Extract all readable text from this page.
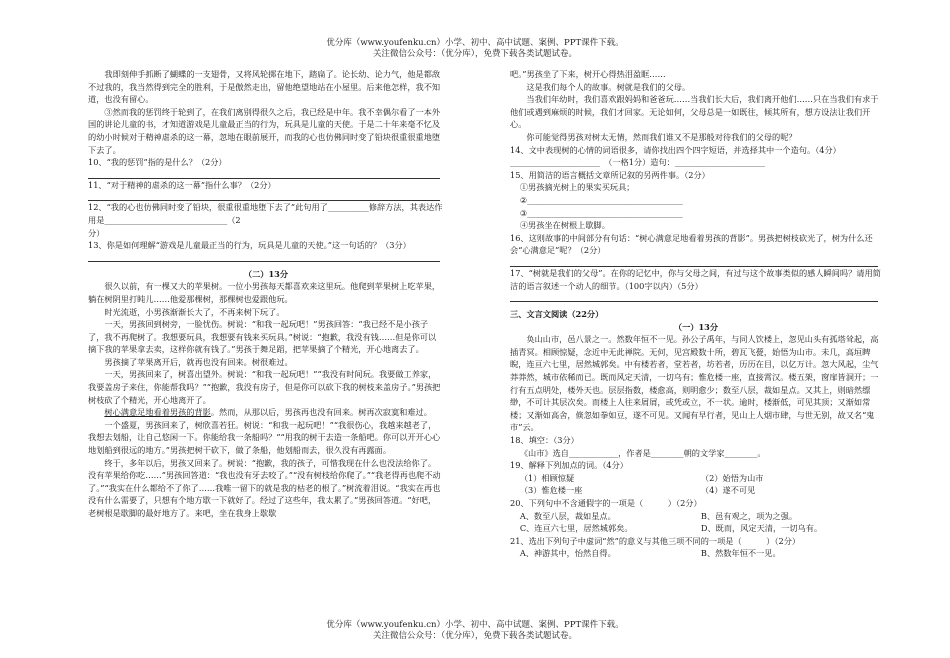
优分库（www.youfenku.cn）小学、初中、高中试题、案例、PPT课件下载。
关注微信公众号：（优分库），免费下载各类试题试卷。

我即刻伸手抓断了蝴蝶的一支翅骨，又将风轮掷在地下，踏扁了。论长幼、论力气，他是都敌不过我的，我当然得到完全的胜利，于是傲然走出，留他绝望地站在小屋里。后来他怎样，我不知道，也没有留心。

③然而我的惩罚终于轮到了，在我们离别得很久之后，我已经是中年。我不幸偶尔看了一本外国的讲论儿童的书，才知道游戏是儿童最正当的行为，玩具是儿童的天使。于是二十年来毫不忆及的幼小时候对于精神虐杀的这一幕，忽地在眼前展开，而我的心也仿佛同时变了铅块很重很重地堕下去了。

10、“我的惩罚”指的是什么？（2分）

11、“对于精神的虐杀的这一幕”指什么事？（2分）

12、“我的心也仿佛同时变了铅块，很重很重地堕下去了”此句用了__________修辞方法，其表达作用是______________________________（2

分）

13、你是如何理解“游戏是儿童最正当的行为，玩具是儿童的天使。”这一句话的？（3分）

（二）13分

很久以前，有一棵又大的苹果树。一位小男孩每天都喜欢来这里玩。他爬到苹果树上吃苹果，躺在树阴里打盹儿……他爱那棵树，那棵树也爱跟他玩。

时光流逝，小男孩渐渐长大了，不再来树下玩了。

一天，男孩回到树旁，一脸忧伤。树说：“和我一起玩吧！”男孩回答：“我已经不是小孩子了，我不再爬树了。我想要玩具，我想要有钱来买玩具。”树说：“抱歉，我没有钱……但是你可以摘下我的苹果拿去卖，这样你就有钱了。”男孩于舞足蹈，把苹果摘了个精光，开心地离去了。

男孩摘了苹果离开后，就再也没有回来。树很难过。

一天，男孩回来了，树喜出望外。树说：“和我一起玩吧！”“我没有时间玩。我要做工养家，我要盖房子来住，你能帮我吗？”“抱歉，我没有房子，但是你可以砍下我的树枝来盖房子。”男孩把树枝砍了个精光，开心地离开了。

树心满意足地看着男孩的背影。然而，从那以后，男孩再也没有回来。树再次寂寞和难过。

一个盛夏，男孩回来了，树欣喜若狂。树说：“和我一起玩吧！”“我很伤心，我越来越老了，我想去划船，让自己悠闲一下。你能给我一条船吗？”“用我的树干去造一条船吧。你可以开开心心地划船到很远的地方。”男孩把树干砍下，做了条船，他划船而去，很久没有再露面。

终于，多年以后，男孩又回来了。树说：“抱歉，我的孩子，可惜我现在什么也没法给你了。没有苹果给你吃……”男孩回答道：“我也没有牙去咬了。”“没有树枝给你爬了。”“我老得再也爬不动了。”“我实在什么都给不了你了……我唯一留下的就是我的枯老的根了。”树流着泪说。“我实在再也没有什么需要了，只想有个地方歇一下就好了。经过了这些年，我太累了。”男孩回答道。“好吧，老树根是歇脚的最好地方了。来吧，坐在我身上歇歇

吧。”男孩坐了下来，树开心得热泪盈眶……

这是我们每个人的故事。树就是我们的父母。

当我们年幼时，我们喜欢跟妈妈和爸爸玩……当我们长大后，我们离开他们……只在当我们有求于他们或遇到麻烦的时候，我们才回家。无论如何，父母总是一如既往，倾其所有，想方设法让我们开心。

你可能觉得男孩对树太无情，然而我们谁又不是那般对待我们的父母的呢？

14、文中表现树的心情的词语很多，请你找出四个四字短语，并选择其中一个造句。（4分）

______________________　（一格1分）造句：______________________

15、用简洁的语言概括文章所记叙的另两件事。（2分）

①男孩摘光树上的果实买玩具；

②______________________________________

③______________________________________

④男孩坐在树根上歇脚。

16、这则故事的中间部分有句话：“树心满意足地看着男孩的背影”。男孩把树枝砍光了，树为什么还会“心满意足”呢？（2分）

17、“树就是我们的父母”。在你的记忆中，你与父母之间，有过与这个故事类似的感人瞬间吗？请用简洁的语言叙述一个动人的细节。（100字以内）（5分）

三、文言文阅读（22分）

（一）13分

奂山山市，邑八景之一。然数年恒不一见。孙公子禹年，与同人饮楼上，忽见山头有孤塔耸起，高插青冥。相顾惊疑，念近中无此禅院。无何，见宫殿数十所，碧瓦飞甍，始悟为山市。未几，高垣睥睨，连亘六七里，居然城郭矣。中有楼若者，堂若者，坊若者，历历在目，以亿万计。忽大风起，尘气莽莽然，城市依稀而已。既而风定天清，一切乌有；惟危楼一座，直接霄汉。楼五架，窗扉皆洞开；一行有五点明处，楼外天也。层层指数，楼愈高，则明愈少；数至八层，裁如星点。又其上，则暗然缥缈，不可计其层次矣。而楼上人往来屑屑，或凭或立，不一状。逾时，楼渐低，可见其顶；又渐如常楼；又渐如高舍，倏忽如拳如豆，遂不可见。又闻有早行者，见山上人烟市肆，与世无别，故又名“鬼市”云。

18、填空：（3分）

《山市》选自____________，作者是________朝的文学家________。

19、解释下列加点的词。（4分）

（1）相顾惊疑	（2）始悟为山市

（3）惟危楼一座	（4）遂不可见

20、下列句中不含通假字的一项是（　　　）（2分）

A、数至八层，裁如星点。	B、邑有观之，项为之强。

C、连亘六七里，居然城郭矣。	D、既而，风定天清，一切乌有。

21、选出下列句子中虚词“然”的意义与其他三项不同的一项是（　　　）（2分）

A、神游其中，怡然自得。	B、然数年恒不一见。

优分库（www.youfenku.cn）小学、初中、高中试题、案例、PPT课件下载。
关注微信公众号：（优分库），免费下载各类试题试卷。
